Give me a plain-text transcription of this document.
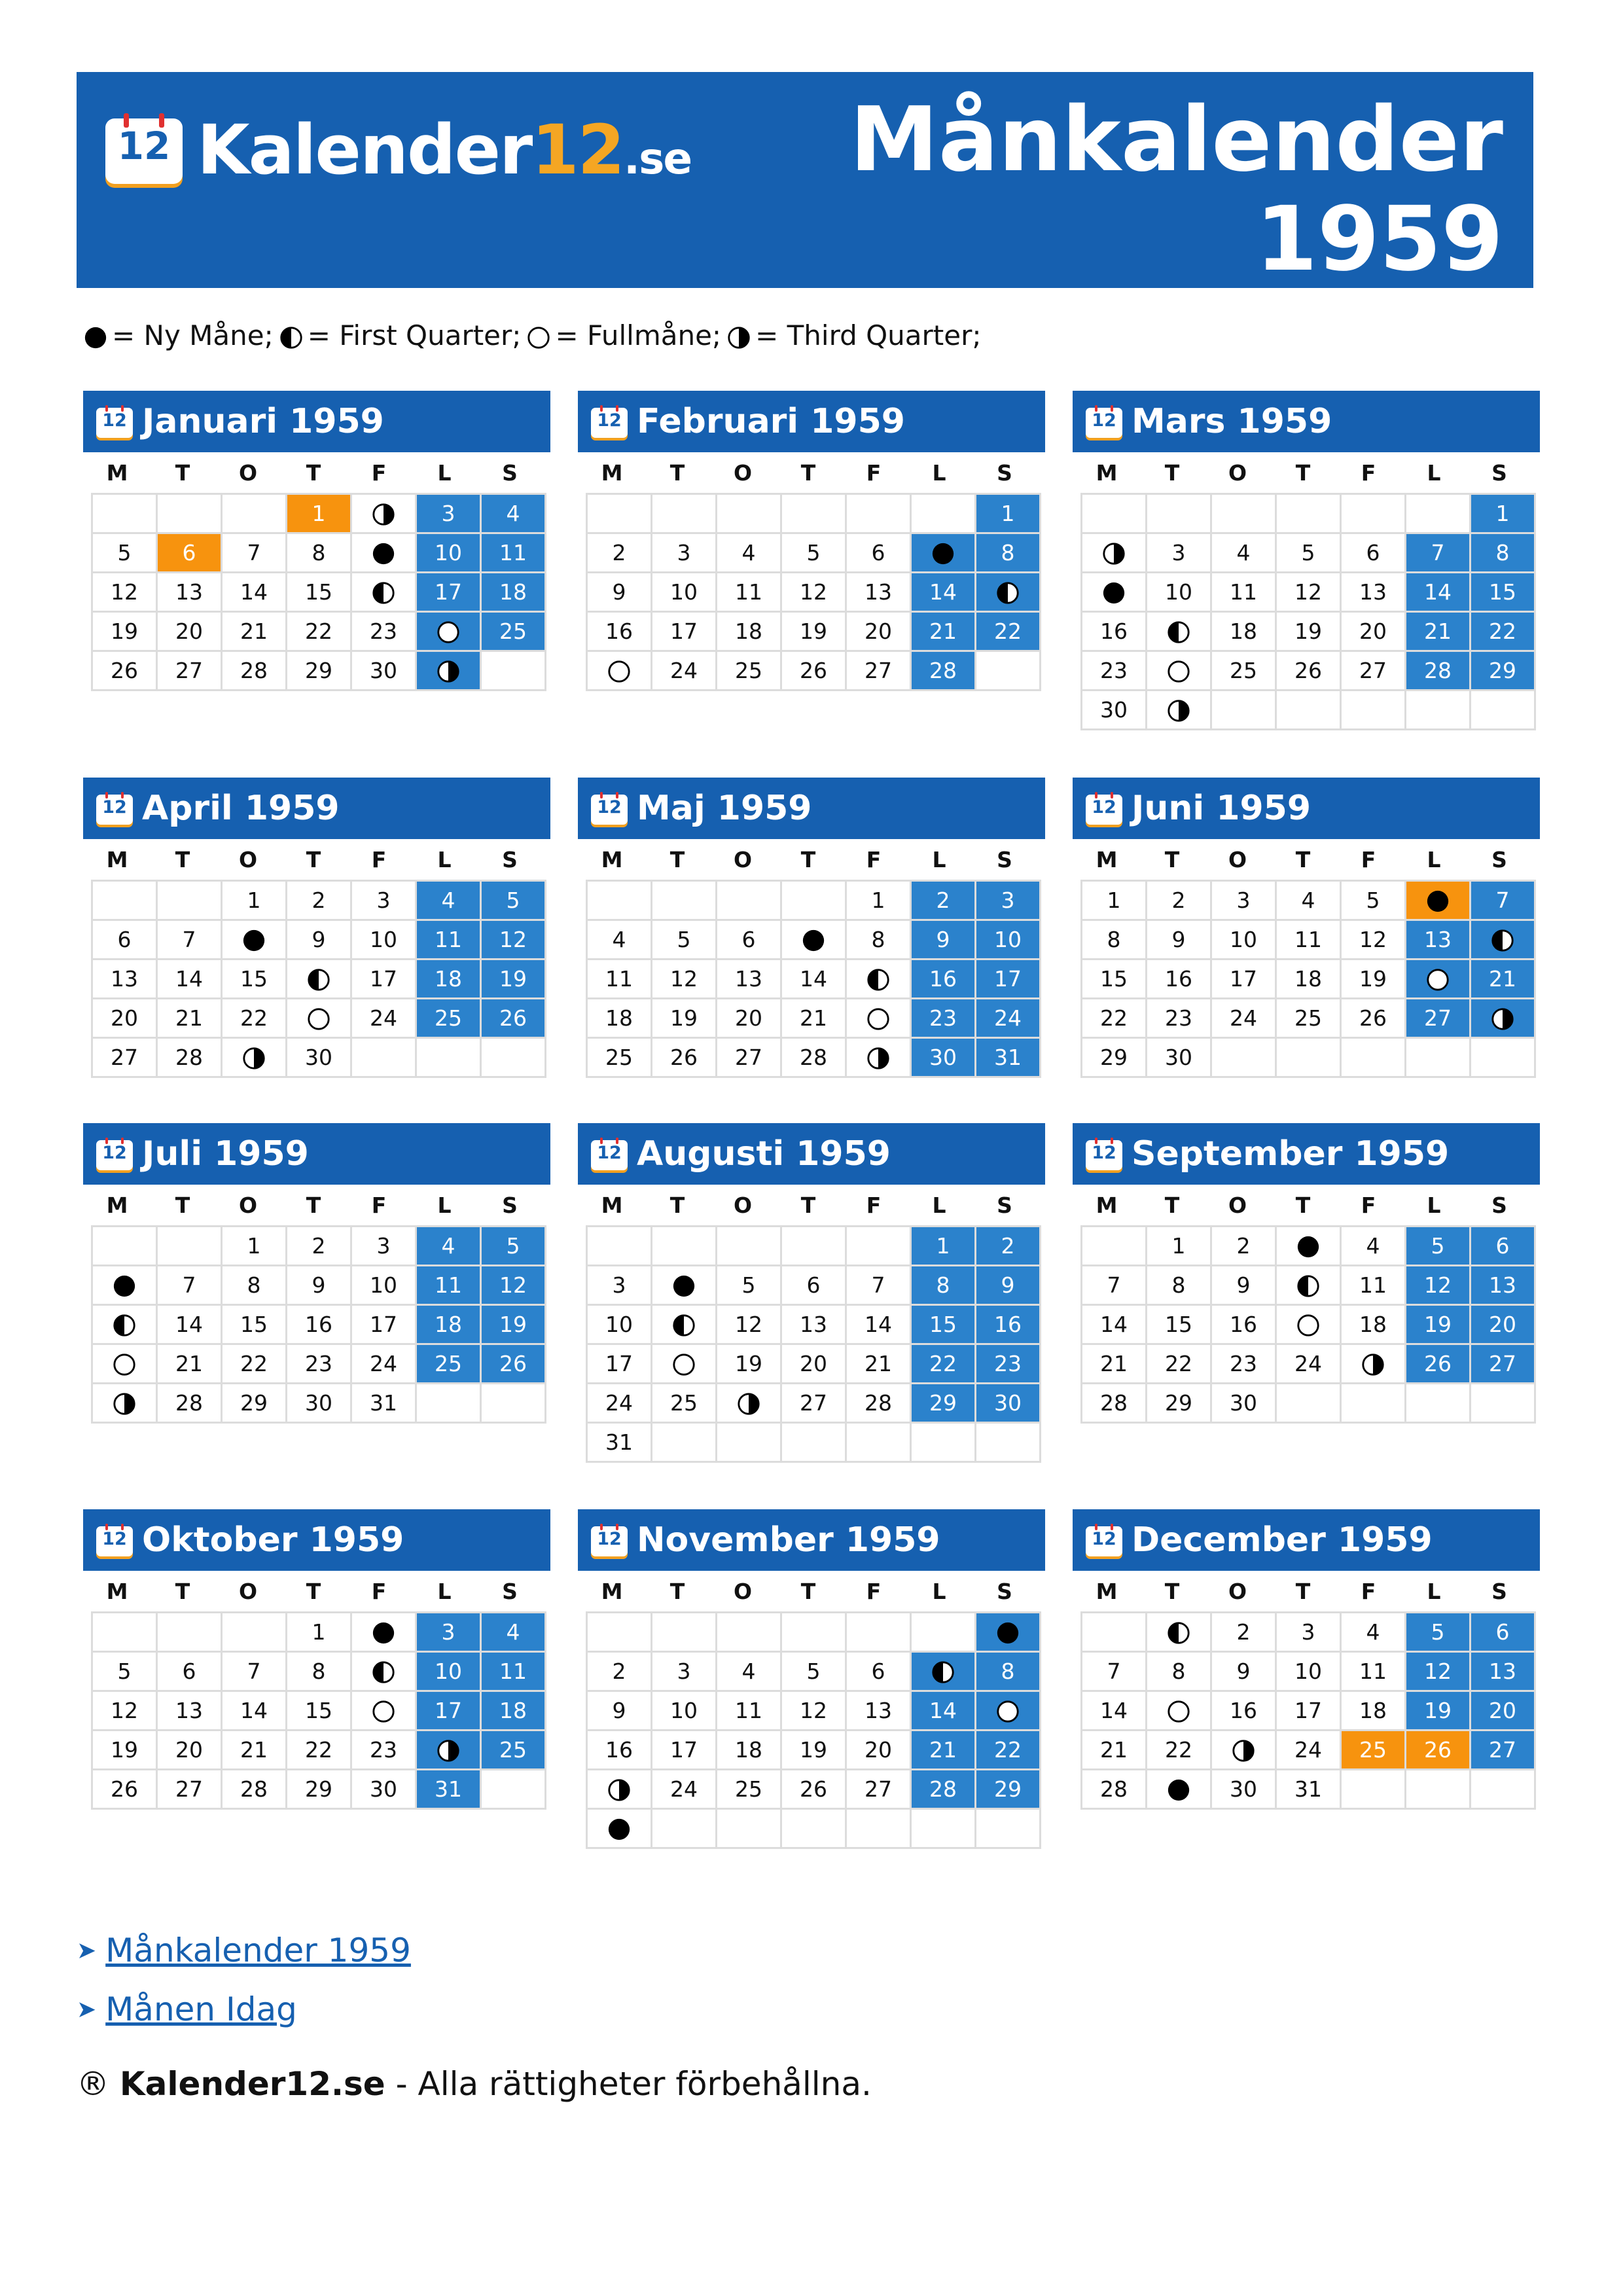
12 Kalender12.se Månkalender
1959
= Ny Måne; = First Quarter; = Fullmåne; = Third Quarter;
12 Januari 1959
M	T	O	T	F	L	S
			1		3	4
5	6	7	8		10	11
12	13	14	15		17	18
19	20	21	22	23		25
26	27	28	29	30		
12 Februari 1959
M	T	O	T	F	L	S
						1
2	3	4	5	6		8
9	10	11	12	13	14	
16	17	18	19	20	21	22
	24	25	26	27	28	
12 Mars 1959
M	T	O	T	F	L	S
						1
	3	4	5	6	7	8
	10	11	12	13	14	15
16		18	19	20	21	22
23		25	26	27	28	29
30						
12 April 1959
M	T	O	T	F	L	S
		1	2	3	4	5
6	7		9	10	11	12
13	14	15		17	18	19
20	21	22		24	25	26
27	28		30			
12 Maj 1959
M	T	O	T	F	L	S
				1	2	3
4	5	6		8	9	10
11	12	13	14		16	17
18	19	20	21		23	24
25	26	27	28		30	31
12 Juni 1959
M	T	O	T	F	L	S
1	2	3	4	5		7
8	9	10	11	12	13	
15	16	17	18	19		21
22	23	24	25	26	27	
29	30					
12 Juli 1959
M	T	O	T	F	L	S
		1	2	3	4	5
	7	8	9	10	11	12
	14	15	16	17	18	19
	21	22	23	24	25	26
	28	29	30	31		
12 Augusti 1959
M	T	O	T	F	L	S
					1	2
3		5	6	7	8	9
10		12	13	14	15	16
17		19	20	21	22	23
24	25		27	28	29	30
31						
12 September 1959
M	T	O	T	F	L	S
	1	2		4	5	6
7	8	9		11	12	13
14	15	16		18	19	20
21	22	23	24		26	27
28	29	30				
12 Oktober 1959
M	T	O	T	F	L	S
			1		3	4
5	6	7	8		10	11
12	13	14	15		17	18
19	20	21	22	23		25
26	27	28	29	30	31	
12 November 1959
M	T	O	T	F	L	S

2	3	4	5	6		8
9	10	11	12	13	14	
16	17	18	19	20	21	22
	24	25	26	27	28	29

12 December 1959
M	T	O	T	F	L	S
		2	3	4	5	6
7	8	9	10	11	12	13
14		16	17	18	19	20
21	22		24	25	26	27
28		30	31			
➤ Månkalender 1959
➤ Månen Idag
® Kalender12.se - Alla rättigheter förbehållna.
